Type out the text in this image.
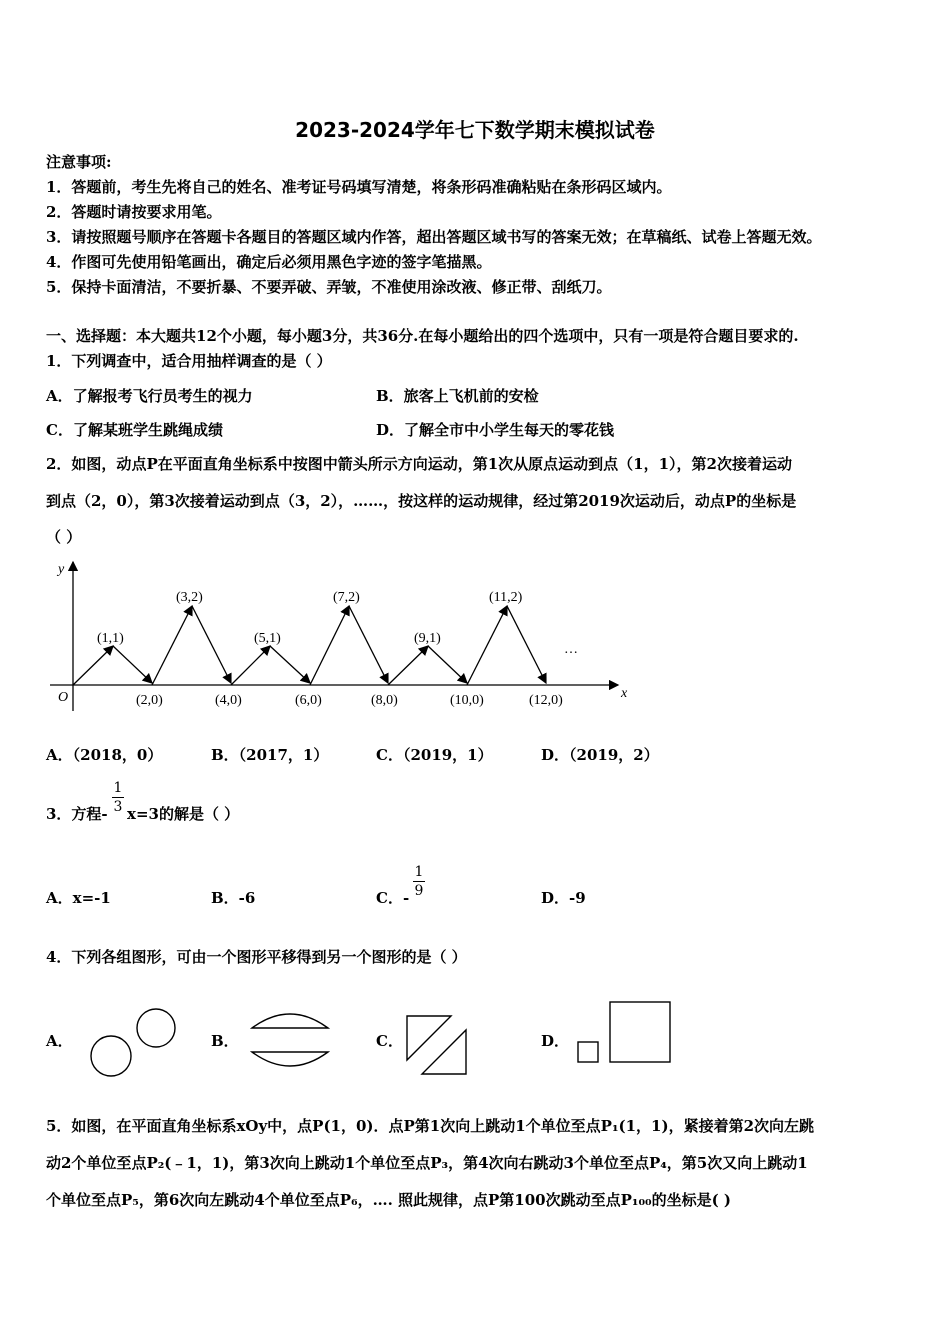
2023-2024学年七下数学期末模拟试卷
注意事项:
1．答题前，考生先将自己的姓名、准考证号码填写清楚，将条形码准确粘贴在条形码区域内。
2．答题时请按要求用笔。
3．请按照题号顺序在答题卡各题目的答题区域内作答，超出答题区域书写的答案无效；在草稿纸、试卷上答题无效。
4．作图可先使用铅笔画出，确定后必须用黑色字迹的签字笔描黑。
5．保持卡面清洁，不要折暴、不要弄破、弄皱，不准使用涂改液、修正带、刮纸刀。
一、选择题：本大题共12个小题，每小题3分，共36分.在每小题给出的四个选项中，只有一项是符合题目要求的.
1．下列调查中，适合用抽样调查的是（ ）
A．了解报考飞行员考生的视力	B．旅客上飞机前的安检
C．了解某班学生跳绳成绩	D．了解全市中小学生每天的零花钱
2．如图，动点P在平面直角坐标系中按图中箭头所示方向运动，第1次从原点运动到点（1，1），第2次接着运动
到点（2，0），第3次接着运动到点（3，2），……，按这样的运动规律，经过第2019次运动后，动点P的坐标是
（ ）
x
y
O
…
(1,1)
(3,2)
(5,1)
(7,2)
(9,1)
(11,2)
(2,0)	(4,0)	(6,0)	(8,0)	(10,0)	(12,0)
A．（2018，0）	B．（2017，1）	C．（2019，1）	D．（2019，2）
3．方程-
1
3 x=3的解是（ ）
A．x=-1	B．-6	C．-
1
9	D．-9
4．下列各组图形，可由一个图形平移得到另一个图形的是（ ）
A．	B．	C．	D．
5．如图，在平面直角坐标系xOy中，点P(1，0)．点P第1次向上跳动1个单位至点P₁(1，1)，紧接着第2次向左跳
动2个单位至点P₂(﹣1，1)，第3次向上跳动1个单位至点P₃，第4次向右跳动3个单位至点P₄，第5次又向上跳动1
个单位至点P₅，第6次向左跳动4个单位至点P₆，…. 照此规律，点P第100次跳动至点P₁₀₀的坐标是( )
